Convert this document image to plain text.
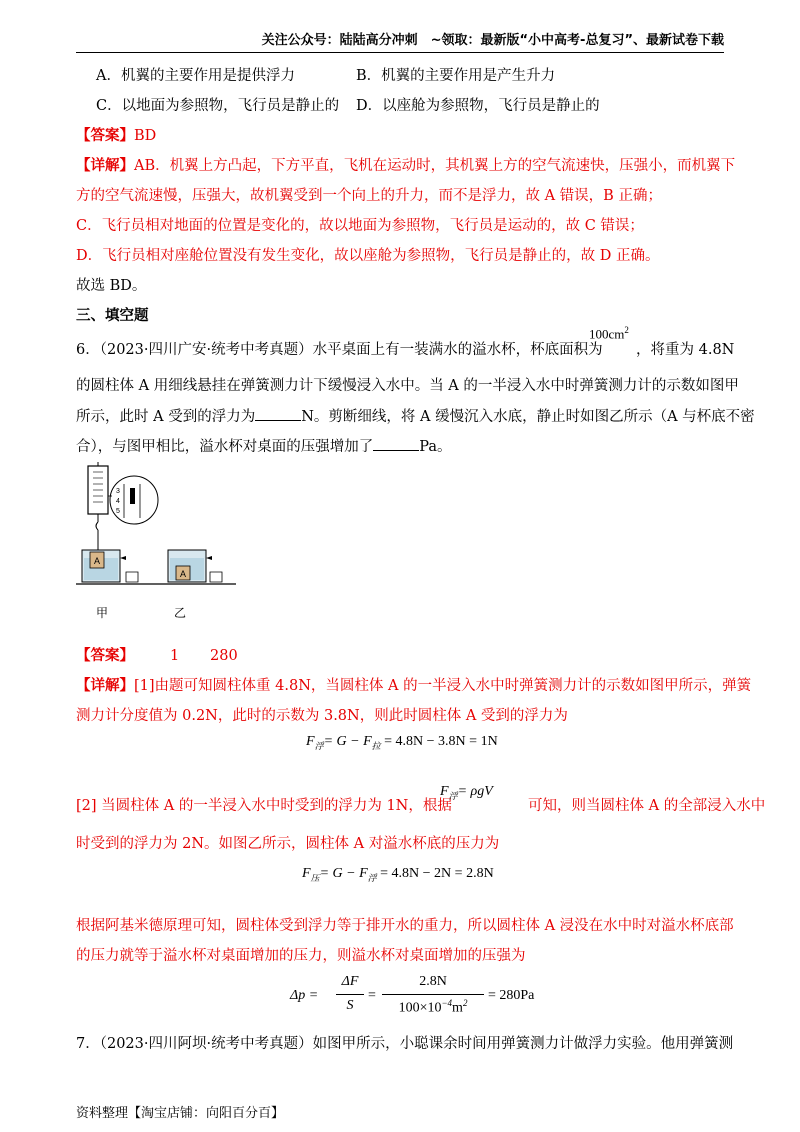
关注公众号：陆陆高分冲刺　~领取：最新版“小中高考-总复习”、最新试卷下载
A．机翼的主要作用是提供浮力	B．机翼的主要作用是产生升力
C．以地面为参照物，飞行员是静止的 D．以座舱为参照物，飞行员是静止的
【答案】BD
【详解】AB．机翼上方凸起，下方平直，飞机在运动时，其机翼上方的空气流速快，压强小，而机翼下
方的空气流速慢，压强大，故机翼受到一个向上的升力，而不是浮力，故 A 错误，B 正确；
C．飞行员相对地面的位置是变化的，故以地面为参照物，飞行员是运动的，故 C 错误；
D．飞行员相对座舱位置没有发生变化，故以座舱为参照物，飞行员是静止的，故 D 正确。
故选 BD。
三、填空题
6．（2023·四川广安·统考中考真题）水平桌面上有一装满水的溢水杯，杯底面积为
$100cm^2$
，将重为 4.8N
的圆柱体 A 用细线悬挂在弹簧测力计下缓慢浸入水中。当 A 的一半浸入水中时弹簧测力计的示数如图甲
所示，此时 A 受到的浮力为	N。剪断细线，将 A 缓慢沉入水底，静止时如图乙所示（A 与杯底不密
合），与图甲相比，溢水杯对桌面的压强增加了	Pa。
3
4
5
A
A
甲	乙
【答案】 1 280
【详解】[1]由题可知圆柱体重 4.8N，当圆柱体 A 的一半浸入水中时弹簧测力计的示数如图甲所示，弹簧
测力计分度值为 0.2N，此时的示数为 3.8N，则此时圆柱体 A 受到的浮力为
$F_浮= G - F_拉 = 4.8N - 3.8N = 1N$
[2] 当圆柱体 A 的一半浸入水中时受到的浮力为 1N，根据
$F_浮= \rho gV$
可知，则当圆柱体 A 的全部浸入水中
时受到的浮力为 2N。如图乙所示，圆柱体 A 对溢水杯底的压力为
$F_压= G - F_浮 = 4.8N - 2N = 2.8N$
根据阿基米德原理可知，圆柱体受到浮力等于排开水的重力，所以圆柱体 A 浸没在水中时对溢水杯底部
的压力就等于溢水杯对桌面增加的压力，则溢水杯对桌面增加的压强为
Δp =
ΔF
S
=
2.8N
$100\times 10^{-4}m^2$	= 280Pa
7．（2023·四川阿坝·统考中考真题）如图甲所示，小聪课余时间用弹簧测力计做浮力实验。他用弹簧测
资料整理【淘宝店铺：向阳百分百】
